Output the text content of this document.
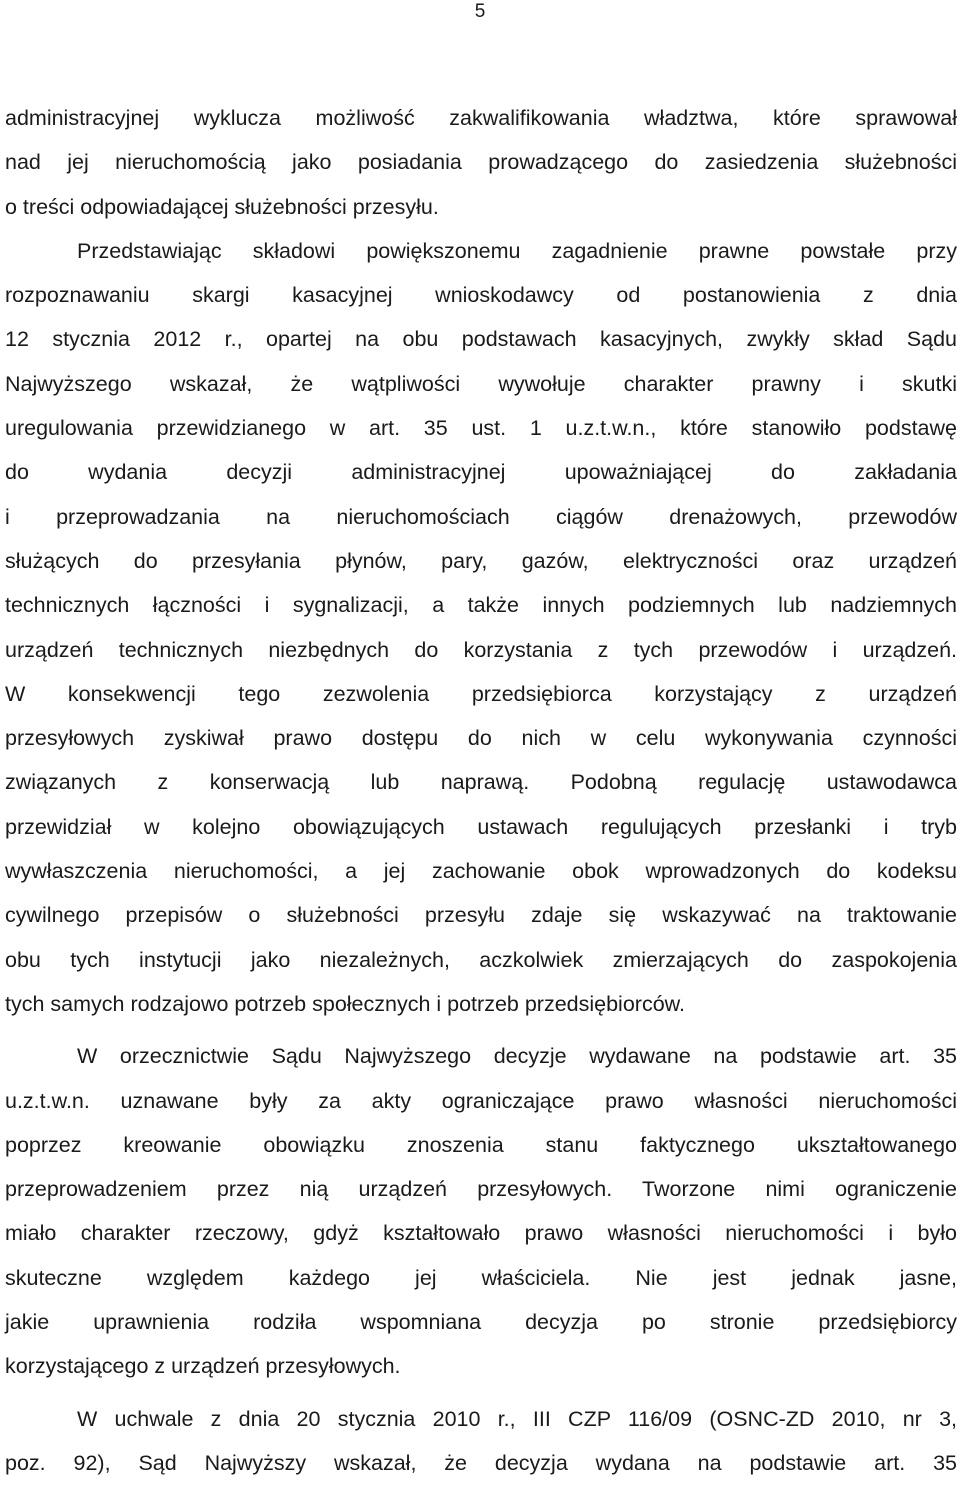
5
administracyjnej wyklucza możliwość zakwalifikowania władztwa, które sprawował
nad jej nieruchomością jako posiadania prowadzącego do zasiedzenia służebności
o treści odpowiadającej służebności przesyłu.
Przedstawiając składowi powiększonemu zagadnienie prawne powstałe przy
rozpoznawaniu skargi kasacyjnej wnioskodawcy od postanowienia z dnia
12 stycznia 2012 r., opartej na obu podstawach kasacyjnych, zwykły skład Sądu
Najwyższego wskazał, że wątpliwości wywołuje charakter prawny i skutki
uregulowania przewidzianego w art. 35 ust. 1 u.z.t.w.n., które stanowiło podstawę
do wydania decyzji administracyjnej upoważniającej do zakładania
i przeprowadzania na nieruchomościach ciągów drenażowych, przewodów
służących do przesyłania płynów, pary, gazów, elektryczności oraz urządzeń
technicznych łączności i sygnalizacji, a także innych podziemnych lub nadziemnych
urządzeń technicznych niezbędnych do korzystania z tych przewodów i urządzeń.
W konsekwencji tego zezwolenia przedsiębiorca korzystający z urządzeń
przesyłowych zyskiwał prawo dostępu do nich w celu wykonywania czynności
związanych z konserwacją lub naprawą. Podobną regulację ustawodawca
przewidział w kolejno obowiązujących ustawach regulujących przesłanki i tryb
wywłaszczenia nieruchomości, a jej zachowanie obok wprowadzonych do kodeksu
cywilnego przepisów o służebności przesyłu zdaje się wskazywać na traktowanie
obu tych instytucji jako niezależnych, aczkolwiek zmierzających do zaspokojenia
tych samych rodzajowo potrzeb społecznych i potrzeb przedsiębiorców.
W orzecznictwie Sądu Najwyższego decyzje wydawane na podstawie art. 35
u.z.t.w.n. uznawane były za akty ograniczające prawo własności nieruchomości
poprzez kreowanie obowiązku znoszenia stanu faktycznego ukształtowanego
przeprowadzeniem przez nią urządzeń przesyłowych. Tworzone nimi ograniczenie
miało charakter rzeczowy, gdyż kształtowało prawo własności nieruchomości i było
skuteczne względem każdego jej właściciela. Nie jest jednak jasne,
jakie uprawnienia rodziła wspomniana decyzja po stronie przedsiębiorcy
korzystającego z urządzeń przesyłowych.
W uchwale z dnia 20 stycznia 2010 r., III CZP 116/09 (OSNC-ZD 2010, nr 3,
poz. 92), Sąd Najwyższy wskazał, że decyzja wydana na podstawie art. 35
